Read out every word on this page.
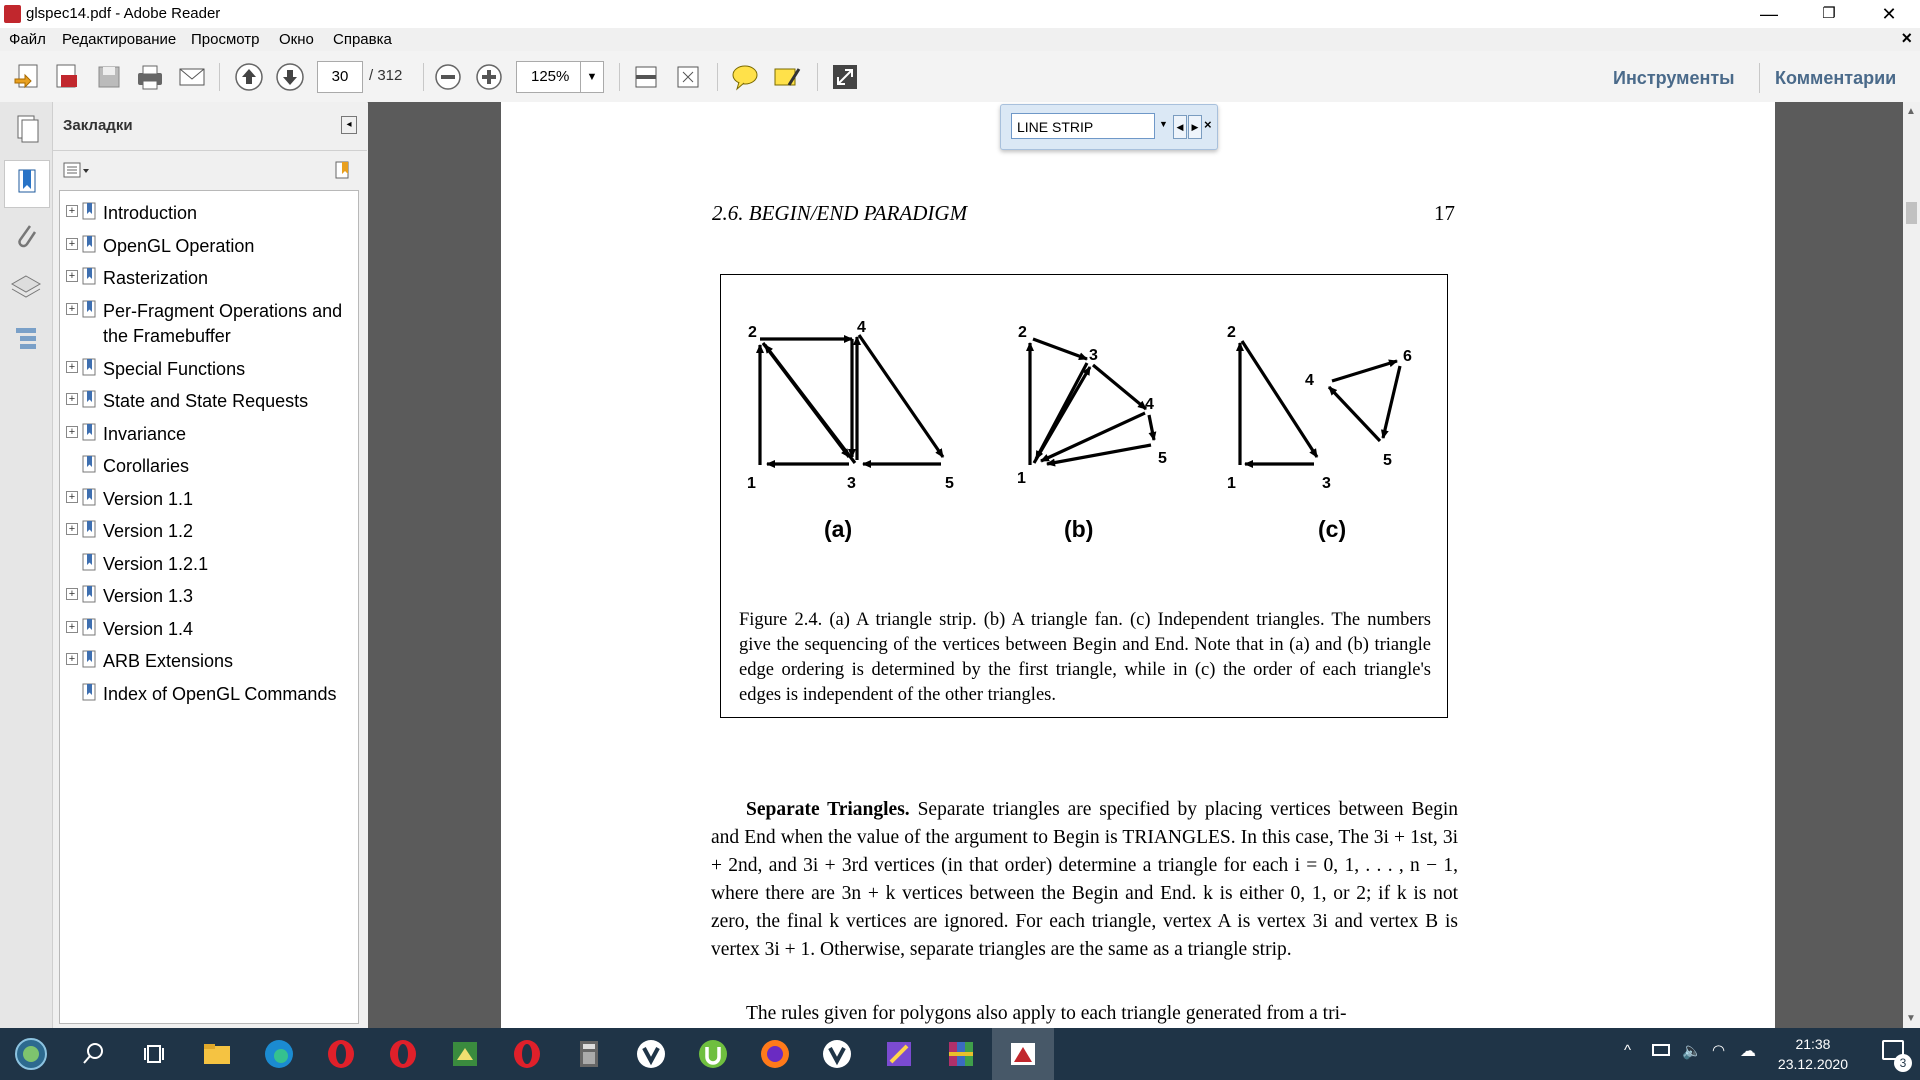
glspec14.pdf - Adobe Reader	—	❐	✕
Файл Редактирование Просмотр Окно Справка	×
30	/ 312	125%	▼	Инструменты Комментарии
Закладки	◂
+ Introduction
+ OpenGL Operation
+ Rasterization
+ Per-Fragment Operations and the Framebuffer
+ Special Functions
+ State and State Requests
+ Invariance
Corollaries
+ Version 1.1
+ Version 1.2
Version 1.2.1
+ Version 1.3
+ Version 1.4
+ ARB Extensions
Index of OpenGL Commands
2.6. BEGIN/END PARADIGM	17
2	4
1	3	5
2
3
4
5
1
2
1	3
4
6
5
(a)	(b)	(c)
Figure 2.4. (a) A triangle strip. (b) A triangle fan. (c) Independent triangles. The numbers give the sequencing of the vertices between Begin and End. Note that in (a) and (b) triangle edge ordering is determined by the first triangle, while in (c) the order of each triangle's edges is independent of the other triangles.
Separate Triangles. Separate triangles are specified by placing vertices between Begin and End when the value of the argument to Begin is TRIANGLES. In this case, The 3i + 1st, 3i + 2nd, and 3i + 3rd vertices (in that order) determine a triangle for each i = 0, 1, . . . , n − 1, where there are 3n + k vertices between the Begin and End. k is either 0, 1, or 2; if k is not zero, the final k vertices are ignored. For each triangle, vertex A is vertex 3i and vertex B is vertex 3i + 1. Otherwise, separate triangles are the same as a triangle strip.
The rules given for polygons also apply to each triangle generated from a tri-
LINE STRIP	▼ ◀ ▶ ×
▲
▼
^	🔈 ◠ ☁	21:38
23.12.2020	3
